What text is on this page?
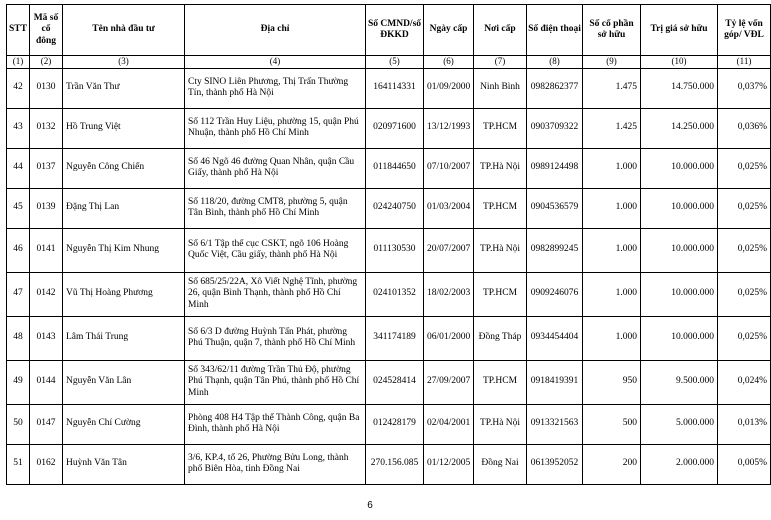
STT	Mã số cổ đông	Tên nhà đầu tư	Địa chỉ	Số CMND/số ĐKKD	Ngày cấp	Nơi cấp	Số điện thoại	Số cổ phần sở hữu	Trị giá sở hữu	Tỷ lệ vốn góp/ VĐL
(1)	(2)	(3)	(4)	(5)	(6)	(7)	(8)	(9)	(10)	(11)
42	0130	Trần Văn Thư	Cty SINO Liên Phương, Thị Trấn Thường Tín, thành phố Hà Nội	164114331	01/09/2000	Ninh Bình	0982862377	1.475	14.750.000	0,037%
43	0132	Hồ Trung Việt	Số 112 Trần Huy Liệu, phường 15, quận Phú Nhuận, thành phố Hồ Chí Minh	020971600	13/12/1993	TP.HCM	0903709322	1.425	14.250.000	0,036%
44	0137	Nguyễn Công Chiến	Số 46 Ngõ 46 đường Quan Nhân, quận Cầu Giấy, thành phố Hà Nội	011844650	07/10/2007	TP.Hà Nội	0989124498	1.000	10.000.000	0,025%
45	0139	Đặng Thị Lan	Số 118/20, đường CMT8, phường 5, quận Tân Bình, thành phố Hồ Chí Minh	024240750	01/03/2004	TP.HCM	0904536579	1.000	10.000.000	0,025%
46	0141	Nguyễn Thị Kim Nhung	Số 6/1 Tập thể cục CSKT, ngõ 106 Hoàng Quốc Việt, Cầu giấy, thành phố Hà Nội	011130530	20/07/2007	TP.Hà Nội	0982899245	1.000	10.000.000	0,025%
47	0142	Vũ Thị Hoàng Phương	Số 685/25/22A, Xô Viết Nghệ Tĩnh, phường 26, quận Bình Thạnh, thành phố Hồ Chí Minh	024101352	18/02/2003	TP.HCM	0909246076	1.000	10.000.000	0,025%
48	0143	Lâm Thái Trung	Số 6/3 D đường Huỳnh Tấn Phát, phường Phú Thuận, quận 7, thành phố Hồ Chí Minh	341174189	06/01/2000	Đồng Tháp	0934454404	1.000	10.000.000	0,025%
49	0144	Nguyễn Văn Lân	Số 343/62/11 đường Trần Thủ Độ, phường Phú Thạnh, quận Tân Phú, thành phố Hồ Chí Minh	024528414	27/09/2007	TP.HCM	0918419391	950	9.500.000	0,024%
50	0147	Nguyễn Chí Cường	Phòng 408 H4 Tập thể Thành Công, quận Ba Đình, thành phố Hà Nội	012428179	02/04/2001	TP.Hà Nội	0913321563	500	5.000.000	0,013%
51	0162	Huỳnh Văn Tân	3/6, KP.4, tổ 26, Phường Bửu Long, thành phố Biên Hòa, tỉnh Đồng Nai	270.156.085	01/12/2005	Đồng Nai	0613952052	200	2.000.000	0,005%
6
